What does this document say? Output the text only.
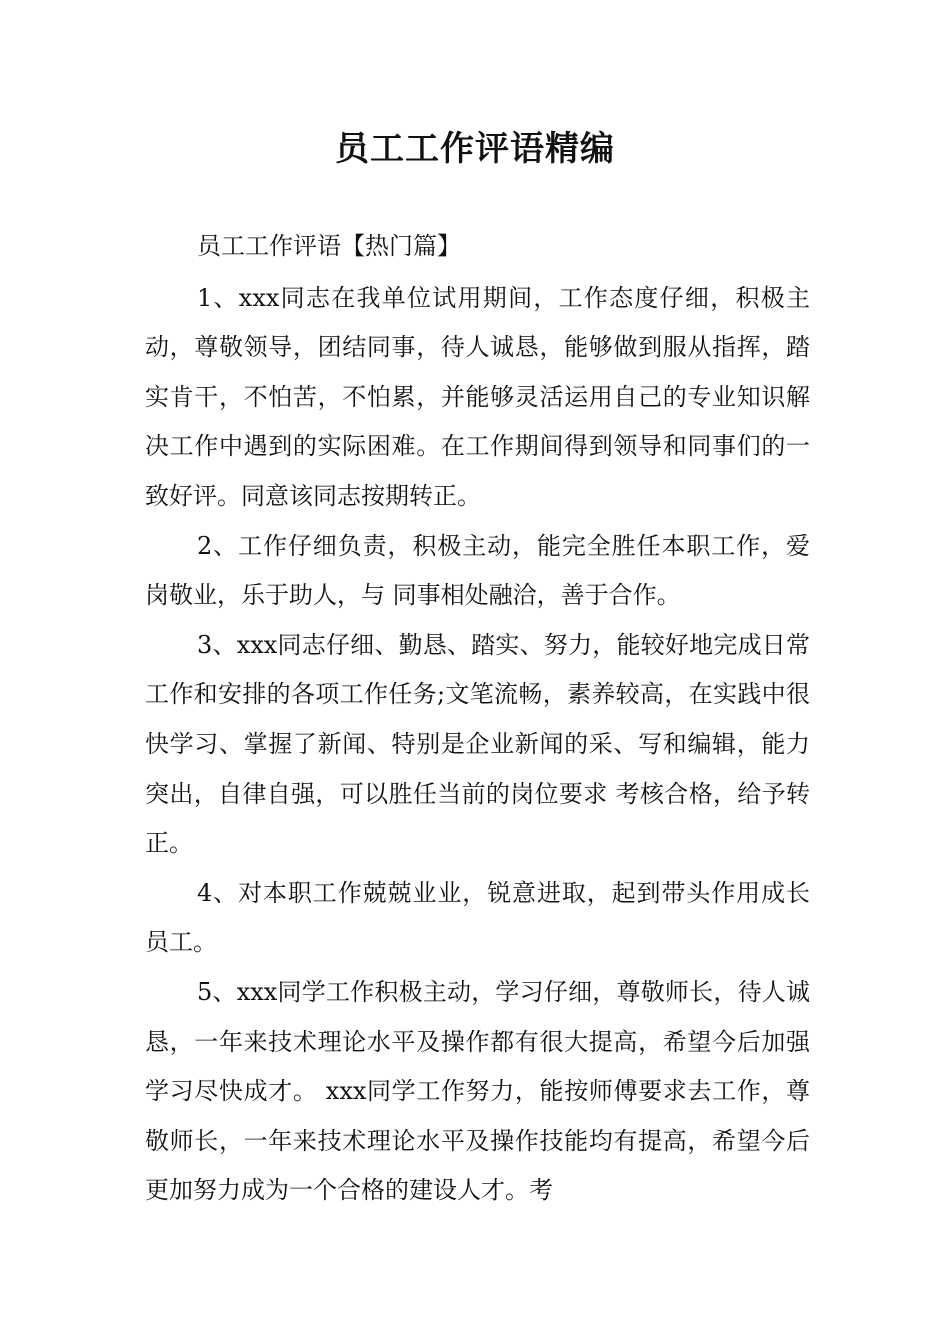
员工工作评语精编

员工工作评语【热门篇】

1、xxx同志在我单位试用期间，工作态度仔细，积极主动，尊敬领导，团结同事，待人诚恳，能够做到服从指挥，踏实肯干，不怕苦，不怕累，并能够灵活运用自己的专业知识解决工作中遇到的实际困难。在工作期间得到领导和同事们的一致好评。同意该同志按期转正。

2、工作仔细负责，积极主动，能完全胜任本职工作，爱岗敬业，乐于助人，与 同事相处融洽，善于合作。

3、xxx同志仔细、勤恳、踏实、努力，能较好地完成日常工作和安排的各项工作任务;文笔流畅，素养较高，在实践中很快学习、掌握了新闻、特别是企业新闻的采、写和编辑，能力突出，自律自强，可以胜任当前的岗位要求 考核合格，给予转正。

4、对本职工作兢兢业业，锐意进取，起到带头作用成长员工。

5、xxx同学工作积极主动，学习仔细，尊敬师长，待人诚恳，一年来技术理论水平及操作都有很大提高，希望今后加强学习尽快成才。 xxx同学工作努力，能按师傅要求去工作，尊敬师长，一年来技术理论水平及操作技能均有提高，希望今后更加努力成为一个合格的建设人才。考
